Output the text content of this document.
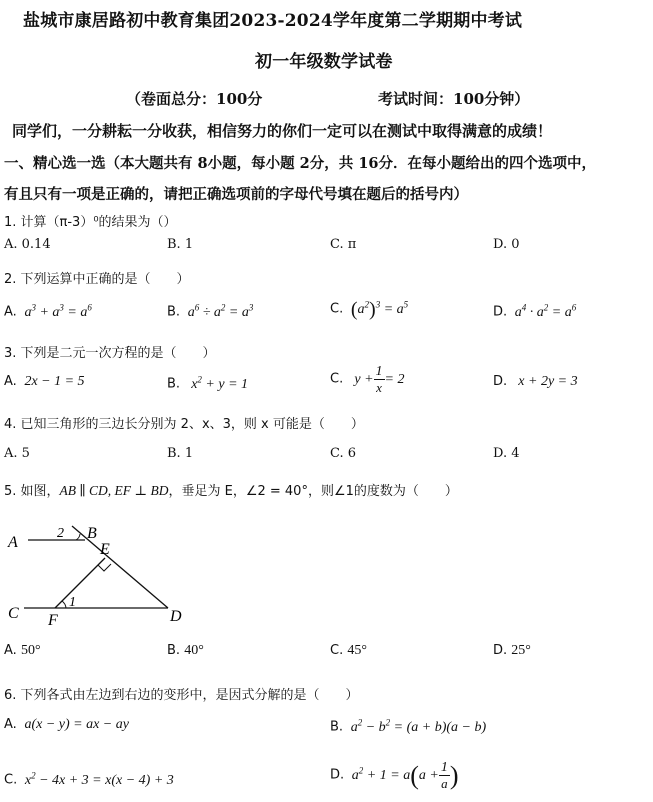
盐城市康居路初中教育集团2023-2024学年度第二学期期中考试
初一年级数学试卷
（卷面总分：100分	考试时间：100分钟）
同学们，一分耕耘一分收获，相信努力的你们一定可以在测试中取得满意的成绩！
一、精心选一选（本大题共有 8小题，每小题 2分，共 16分．在每小题给出的四个选项中，
有且只有一项是正确的，请把正确选项前的字母代号填在题后的括号内）
1. 计算（π-3）⁰的结果为（）
A. 0.14	B. 1	C. π	D. 0
2. 下列运算中正确的是（　　）
A.  $a^3 + a^3 = a^6$	B.  $a^6 \div a^2 = a^3$	C. $(a^2)^3 = a^5$
D.  $a^4 \cdot a^2 = a^6$
3. 下列是二元一次方程的是（　　）
A.  2x − 1 = 5	B.   $x^2 + y = 1$	C.   $y + \frac{1}{x} = 2$	D.   x + 2y = 3
4. 已知三角形的三边长分别为 2、x、3，则 x 可能是（　　）
A. 5	B. 1	C. 6	D. 4
5. 如图，AB ∥ CD, EF ⊥ BD，垂足为 E，∠2 = 40°，则∠1的度数为（　　）
A
B
E
C F	D
1
2
A. 50°	B. 40°	C. 45°	D. 25°
6. 下列各式由左边到右边的变形中，是因式分解的是（　　）
A.  a(x − y) = ax − ay	B.  $a^2 - b^2 = (a + b)(a - b)$
C.  $x^2 - 4x + 3 = x(x - 4) + 3$	D.  $a^2 + 1 = a(a + \frac{1}{a}$ )
